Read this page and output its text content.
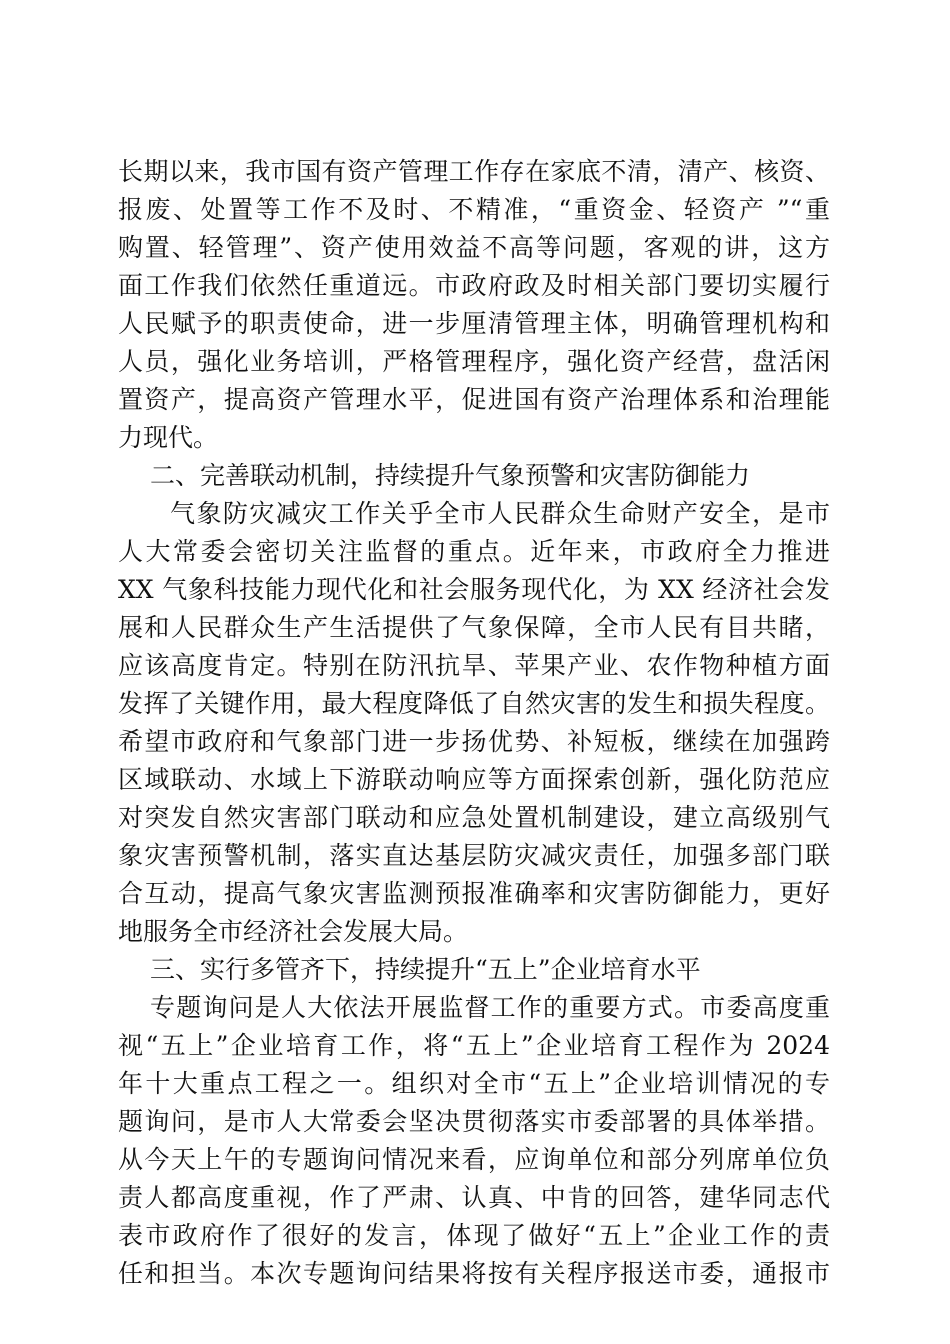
长期以来，我市国有资产管理工作存在家底不清，清产、核资、
报废、处置等工作不及时、不精准，“重资金、轻资产 ”“重
购置、轻管理”、资产使用效益不高等问题，客观的讲，这方
面工作我们依然任重道远。市政府政及时相关部门要切实履行
人民赋予的职责使命，进一步厘清管理主体，明确管理机构和
人员，强化业务培训，严格管理程序，强化资产经营，盘活闲
置资产，提高资产管理水平，促进国有资产治理体系和治理能
力现代。
二、完善联动机制，持续提升气象预警和灾害防御能力
气象防灾减灾工作关乎全市人民群众生命财产安全，是市
人大常委会密切关注监督的重点。近年来，市政府全力推进
XX 气象科技能力现代化和社会服务现代化，为 XX 经济社会发
展和人民群众生产生活提供了气象保障，全市人民有目共睹，
应该高度肯定。特别在防汛抗旱、苹果产业、农作物种植方面
发挥了关键作用，最大程度降低了自然灾害的发生和损失程度。
希望市政府和气象部门进一步扬优势、补短板，继续在加强跨
区域联动、水域上下游联动响应等方面探索创新，强化防范应
对突发自然灾害部门联动和应急处置机制建设，建立高级别气
象灾害预警机制，落实直达基层防灾减灾责任，加强多部门联
合互动，提高气象灾害监测预报准确率和灾害防御能力，更好
地服务全市经济社会发展大局。
三、实行多管齐下，持续提升“五上”企业培育水平
专题询问是人大依法开展监督工作的重要方式。市委高度重
视“五上”企业培育工作，将“五上”企业培育工程作为 2024
年十大重点工程之一。组织对全市“五上”企业培训情况的专
题询问，是市人大常委会坚决贯彻落实市委部署的具体举措。
从今天上午的专题询问情况来看，应询单位和部分列席单位负
责人都高度重视，作了严肃、认真、中肯的回答，建华同志代
表市政府作了很好的发言，体现了做好“五上”企业工作的责
任和担当。本次专题询问结果将按有关程序报送市委，通报市
